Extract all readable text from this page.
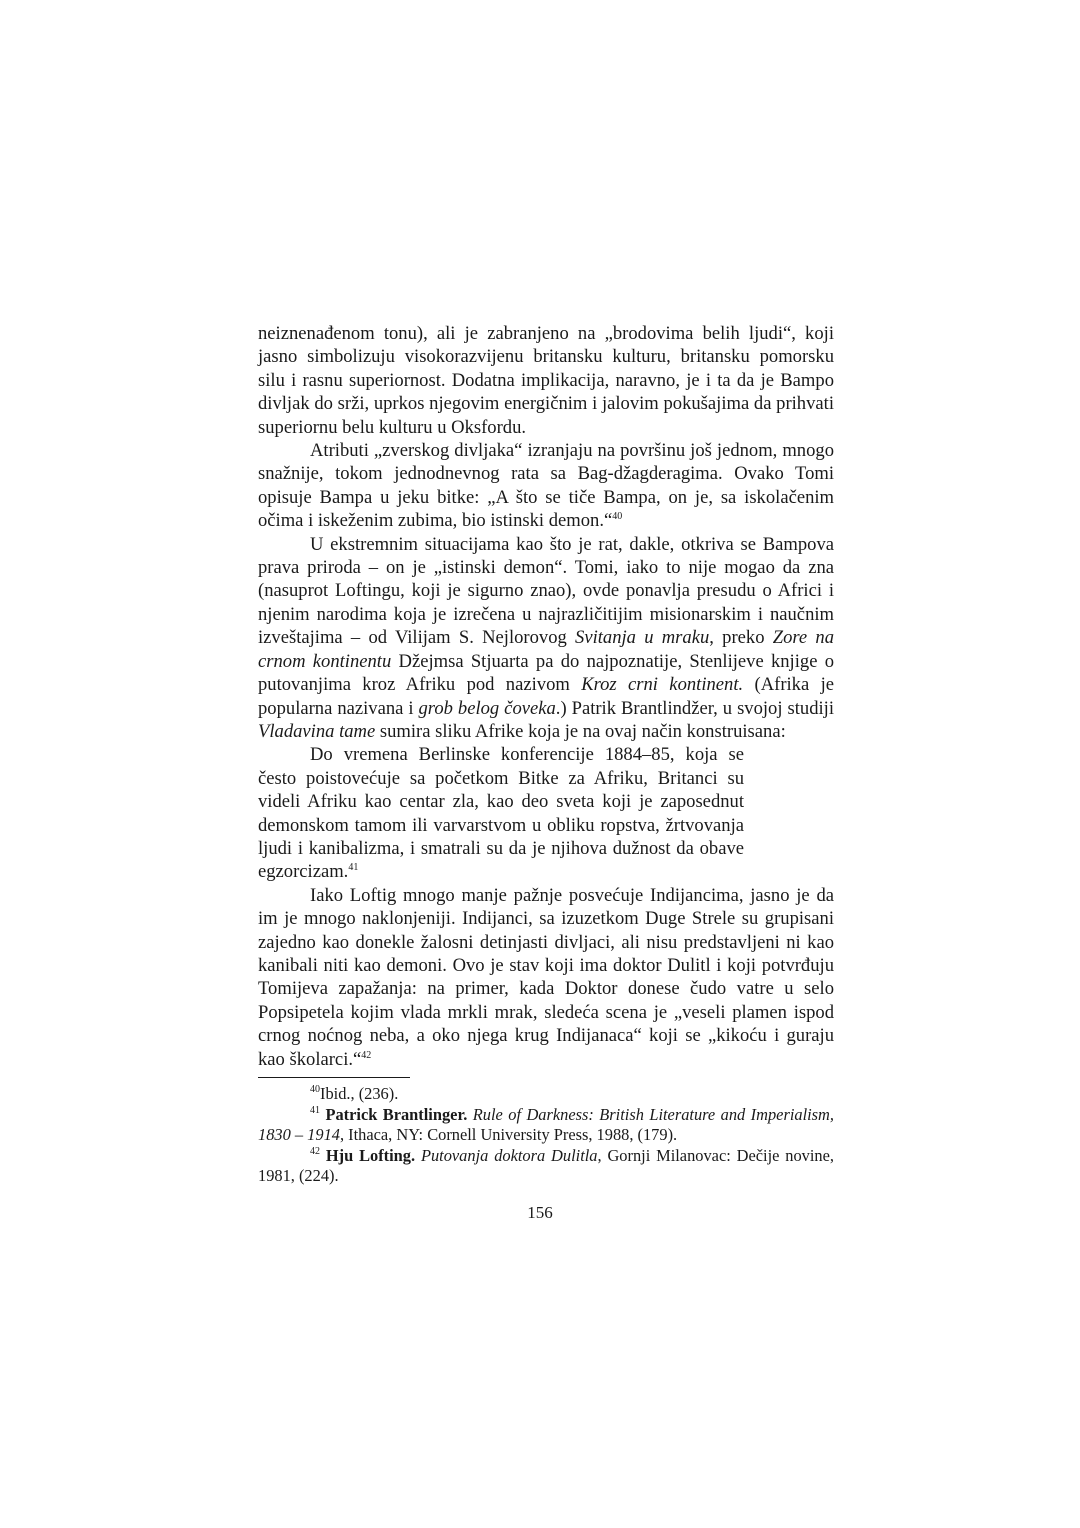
neiznenađenom tonu), ali je zabranjeno na „brodovima belih ljudi“, koji jasno simbolizuju visokorazvijenu britansku kulturu, britansku pomorsku silu i rasnu superiornost. Dodatna implikacija, naravno, je i ta da je Bampo divljak do srži, uprkos njegovim energičnim i jalovim pokušajima da prihvati superiornu belu kulturu u Oksfordu.

Atributi „zverskog divljaka“ izranjaju na površinu još jednom, mnogo snažnije, tokom jednodnevnog rata sa Bag-džagderagima. Ovako Tomi opisuje Bampa u jeku bitke: „A što se tiče Bampa, on je, sa iskolačenim očima i iskeženim zubima, bio istinski demon.“$^{40}$

U ekstremnim situacijama kao što je rat, dakle, otkriva se Bampova prava priroda – on je „istinski demon“. Tomi, iako to nije mogao da zna (nasuprot Loftingu, koji je sigurno znao), ovde ponavlja presudu o Africi i njenim narodima koja je izrečena u najrazličitijim misionarskim i naučnim izveštajima – od Vilijam S. Nejlorovog Svitanja u mraku, preko Zore na crnom kontinentu Džejmsa Stjuarta pa do najpoznatije, Stenlijeve knjige o putovanjima kroz Afriku pod nazivom Kroz crni kontinent. (Afrika je popularna nazivana i grob belog čoveka.) Patrik Brantlindžer, u svojoj studiji Vladavina tame sumira sliku Afrike koja je na ovaj način konstruisana:

Do vremena Berlinske konferencije 1884–85, koja se često poistovećuje sa početkom Bitke za Afriku, Britanci su videli Afriku kao centar zla, kao deo sveta koji je zaposednut demonskom tamom ili varvarstvom u obliku ropstva, žrtvovanja ljudi i kanibalizma, i smatrali su da je njihova dužnost da obave egzorcizam.$^{41}$

Iako Loftig mnogo manje pažnje posvećuje Indijancima, jasno je da im je mnogo naklonjeniji. Indijanci, sa izuzetkom Duge Strele su grupisani zajedno kao donekle žalosni detinjasti divljaci, ali nisu predstavljeni ni kao kanibali niti kao demoni. Ovo je stav koji ima doktor Dulitl i koji potvrđuju Tomijeva zapažanja: na primer, kada Doktor donese čudo vatre u selo Popsipetela kojim vlada mrkli mrak, sledeća scena je „veseli plamen ispod crnog noćnog neba, a oko njega krug Indijanaca“ koji se „kikoću i guraju kao školarci.“$^{42}$

$^{40}$Ibid., (236).

$^{41}$ Patrick Brantlinger. Rule of Darkness: British Literature and Imperialism, 1830 – 1914, Ithaca, NY: Cornell University Press, 1988, (179).

$^{42}$ Hju Lofting. Putovanja doktora Dulitla, Gornji Milanovac: Dečije novine, 1981, (224).

156
